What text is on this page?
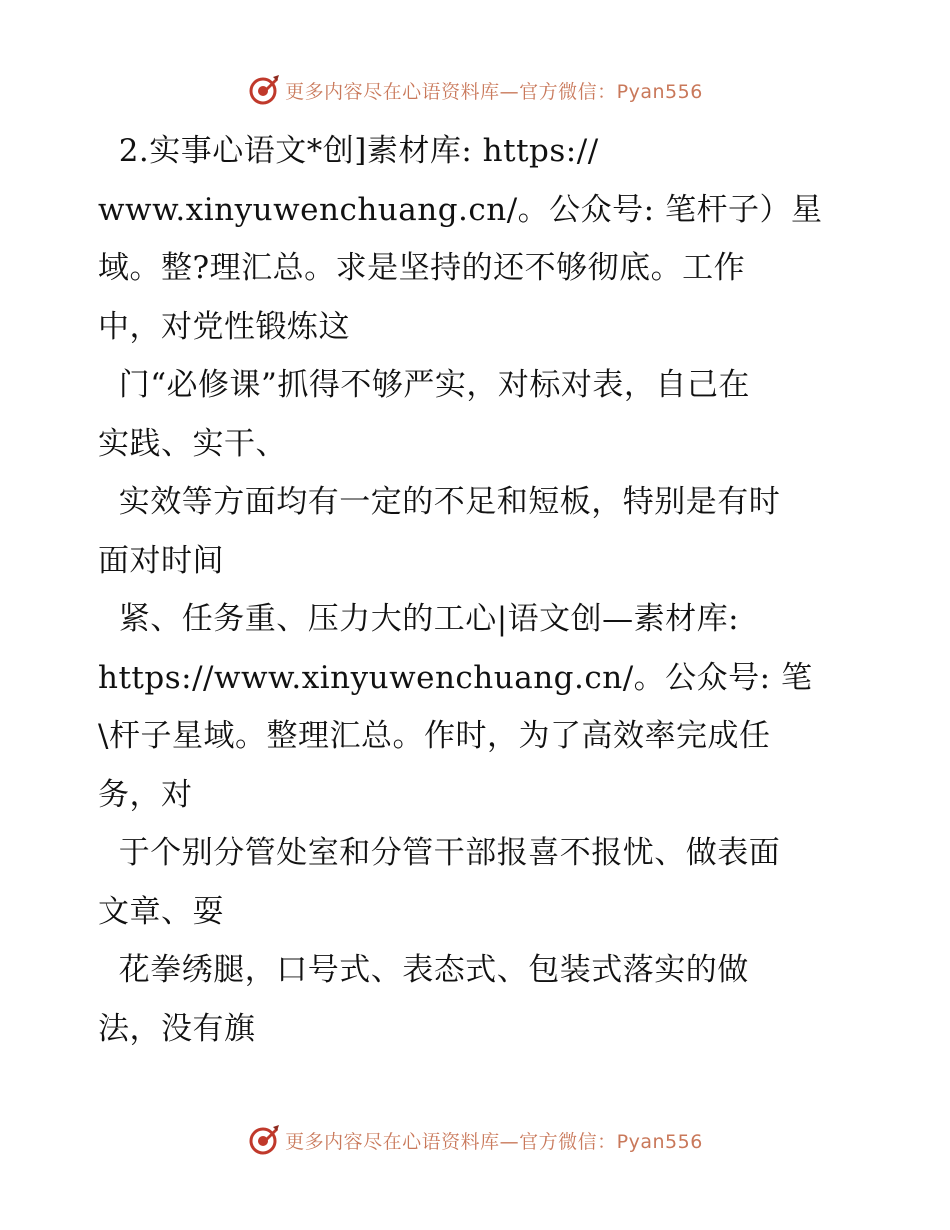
更多内容尽在心语资料库—官方微信：Pyan556
2.实事心语文*创]素材库: https://
www.xinyuwenchuang.cn/。公众号: 笔杆子）星
域。整?理汇总。求是坚持的还不够彻底。工作
中，对党性锻炼这
门“必修课”抓得不够严实，对标对表，自己在
实践、实干、
实效等方面均有一定的不足和短板，特别是有时
面对时间
紧、任务重、压力大的工心|语文创—素材库:
https://www.xinyuwenchuang.cn/。公众号: 笔
\杆子星域。整理汇总。作时，为了高效率完成任
务，对
于个别分管处室和分管干部报喜不报忧、做表面
文章、耍
花拳绣腿，口号式、表态式、包装式落实的做
法，没有旗
更多内容尽在心语资料库—官方微信：Pyan556
